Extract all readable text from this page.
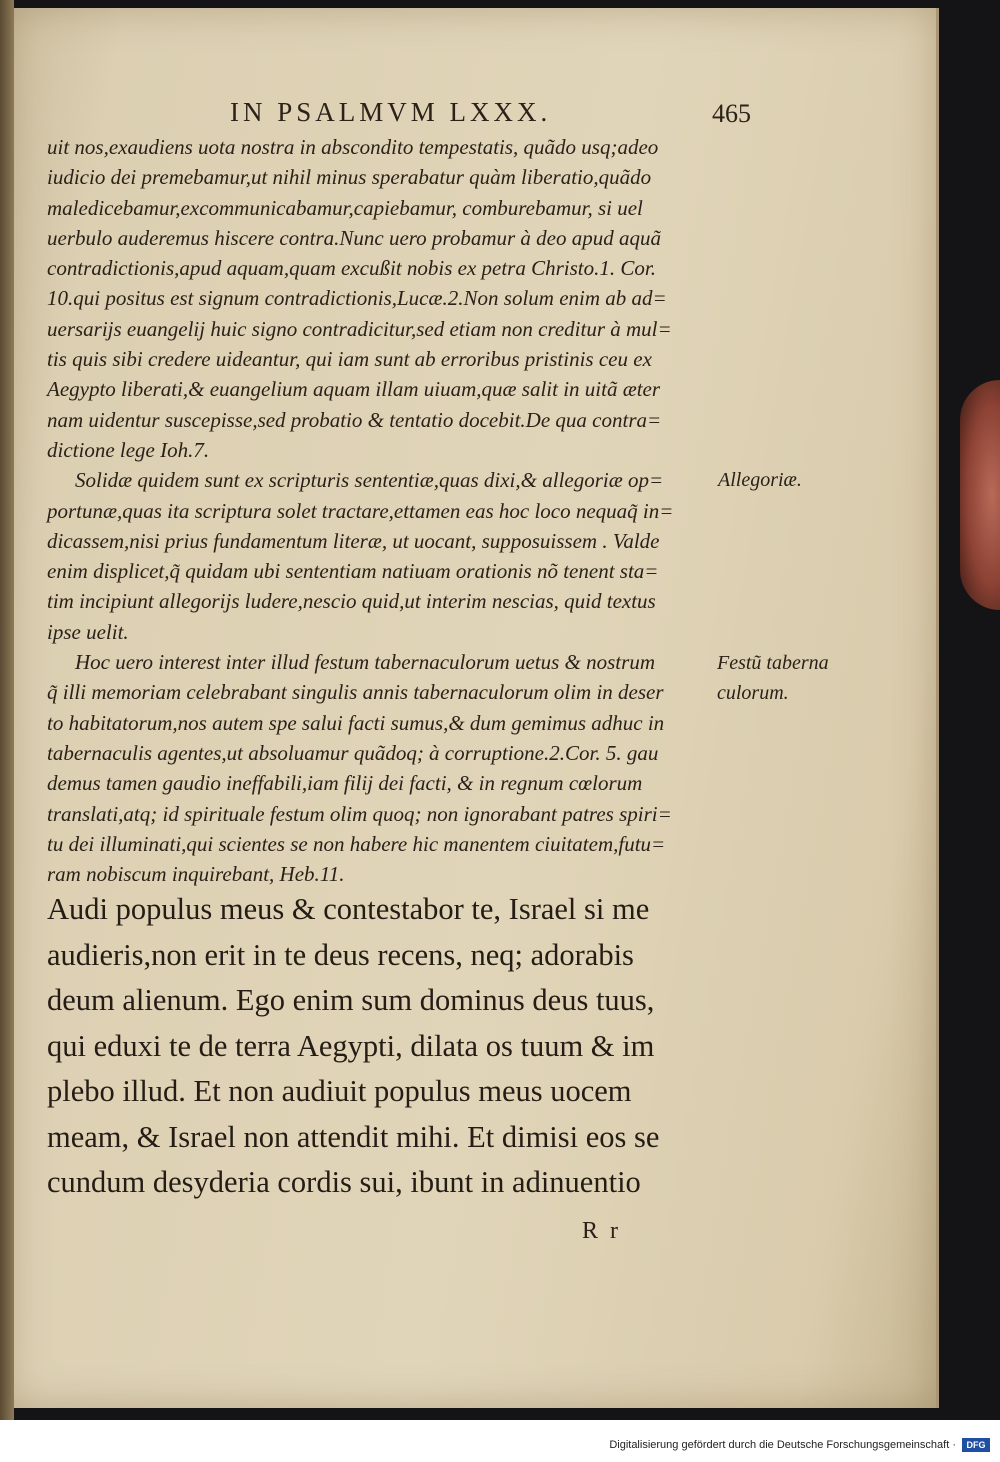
IN PSALMVM LXXX.	465
uit nos,exaudiens uota nostra in abscondito tempestatis, quãdo usq;adeo
iudicio dei premebamur,ut nihil minus sperabatur quàm liberatio,quãdo
maledicebamur,excommunicabamur,capiebamur, comburebamur, si uel
uerbulo auderemus hiscere contra.Nunc uero probamur à deo apud aquã
contradictionis,apud aquam,quam excußit nobis ex petra Christo.1. Cor.
10.qui positus est signum contradictionis,Lucæ.2.Non solum enim ab ad=
uersarijs euangelij huic signo contradicitur,sed etiam non creditur à mul=
tis quis sibi credere uideantur, qui iam sunt ab erroribus pristinis ceu ex
Aegypto liberati,& euangelium aquam illam uiuam,quæ salit in uitã æter
nam uidentur suscepisse,sed probatio & tentatio docebit.De qua contra=
dictione lege Ioh.7.
Solidæ quidem sunt ex scripturis sententiæ,quas dixi,& allegoriæ op=
portunæ,quas ita scriptura solet tractare,ettamen eas hoc loco nequaq̃ in=
dicassem,nisi prius fundamentum literæ, ut uocant, supposuissem . Valde
enim displicet,q̃ quidam ubi sententiam natiuam orationis nõ tenent sta=
tim incipiunt allegorijs ludere,nescio quid,ut interim nescias, quid textus
ipse uelit.
Hoc uero interest inter illud festum tabernaculorum uetus & nostrum
q̃ illi memoriam celebrabant singulis annis tabernaculorum olim in deser
to habitatorum,nos autem spe salui facti sumus,& dum gemimus adhuc in
tabernaculis agentes,ut absoluamur quãdoq; à corruptione.2.Cor. 5. gau
demus tamen gaudio ineffabili,iam filij dei facti, & in regnum cœlorum
translati,atq; id spirituale festum olim quoq; non ignorabant patres spiri=
tu dei illuminati,qui scientes se non habere hic manentem ciuitatem,futu=
ram nobiscum inquirebant, Heb.11.
Allegoriæ.
Festũ taberna
culorum.
Audi populus meus & contestabor te, Israel si me
audieris,non erit in te deus recens, neq; adorabis
deum alienum. Ego enim sum dominus deus tuus,
qui eduxi te de terra Aegypti, dilata os tuum & im
plebo illud. Et non audiuit populus meus uocem
meam, & Israel non attendit mihi. Et dimisi eos se
cundum desyderia cordis sui, ibunt in adinuentio
R r
Digitalisierung gefördert durch die Deutsche Forschungsgemeinschaft ·	DFG
